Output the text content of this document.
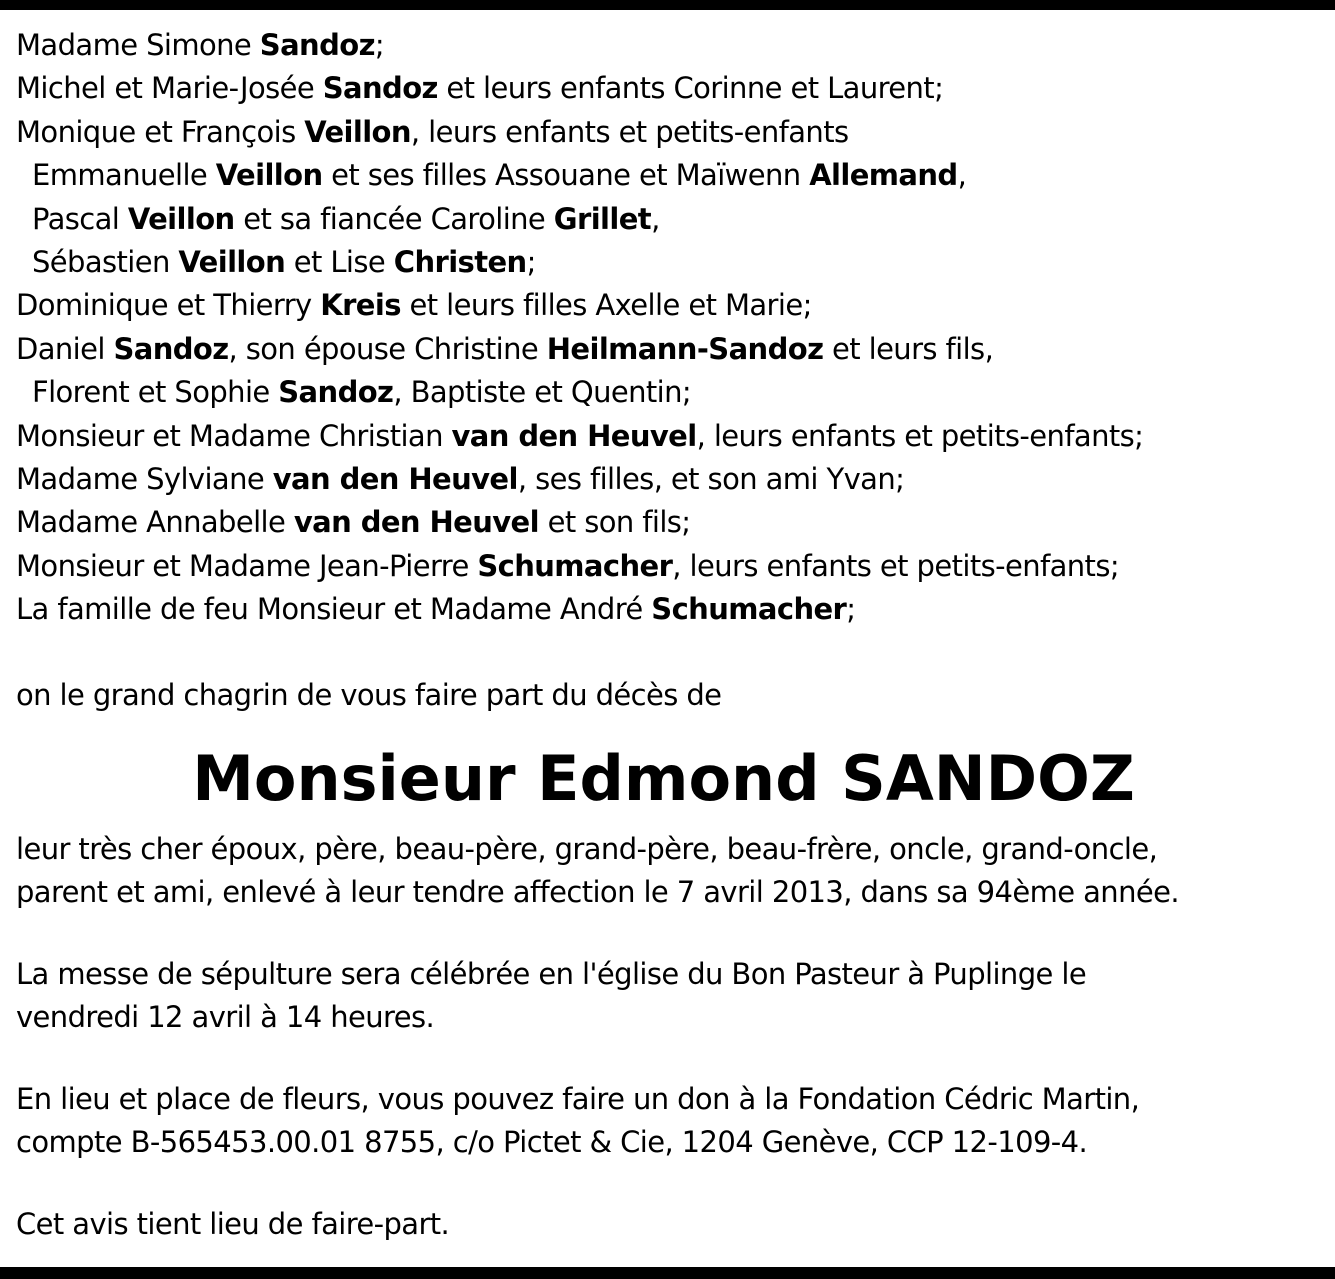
Madame Simone Sandoz;
Michel et Marie-Josée Sandoz et leurs enfants Corinne et Laurent;
Monique et François Veillon, leurs enfants et petits-enfants
Emmanuelle Veillon et ses filles Assouane et Maïwenn Allemand,
Pascal Veillon et sa fiancée Caroline Grillet,
Sébastien Veillon et Lise Christen;
Dominique et Thierry Kreis et leurs filles Axelle et Marie;
Daniel Sandoz, son épouse Christine Heilmann-Sandoz et leurs fils,
Florent et Sophie Sandoz, Baptiste et Quentin;
Monsieur et Madame Christian van den Heuvel, leurs enfants et petits-enfants;
Madame Sylviane van den Heuvel, ses filles, et son ami Yvan;
Madame Annabelle van den Heuvel et son fils;
Monsieur et Madame Jean-Pierre Schumacher, leurs enfants et petits-enfants;
La famille de feu Monsieur et Madame André Schumacher;
on le grand chagrin de vous faire part du décès de
Monsieur Edmond SANDOZ
leur très cher époux, père, beau-père, grand-père, beau-frère, oncle, grand-oncle,
parent et ami, enlevé à leur tendre affection le 7 avril 2013, dans sa 94ème année.
La messe de sépulture sera célébrée en l'église du Bon Pasteur à Puplinge le
vendredi 12 avril à 14 heures.
En lieu et place de fleurs, vous pouvez faire un don à la Fondation Cédric Martin,
compte B-565453.00.01 8755, c/o Pictet & Cie, 1204 Genève, CCP 12-109-4.
Cet avis tient lieu de faire-part.
